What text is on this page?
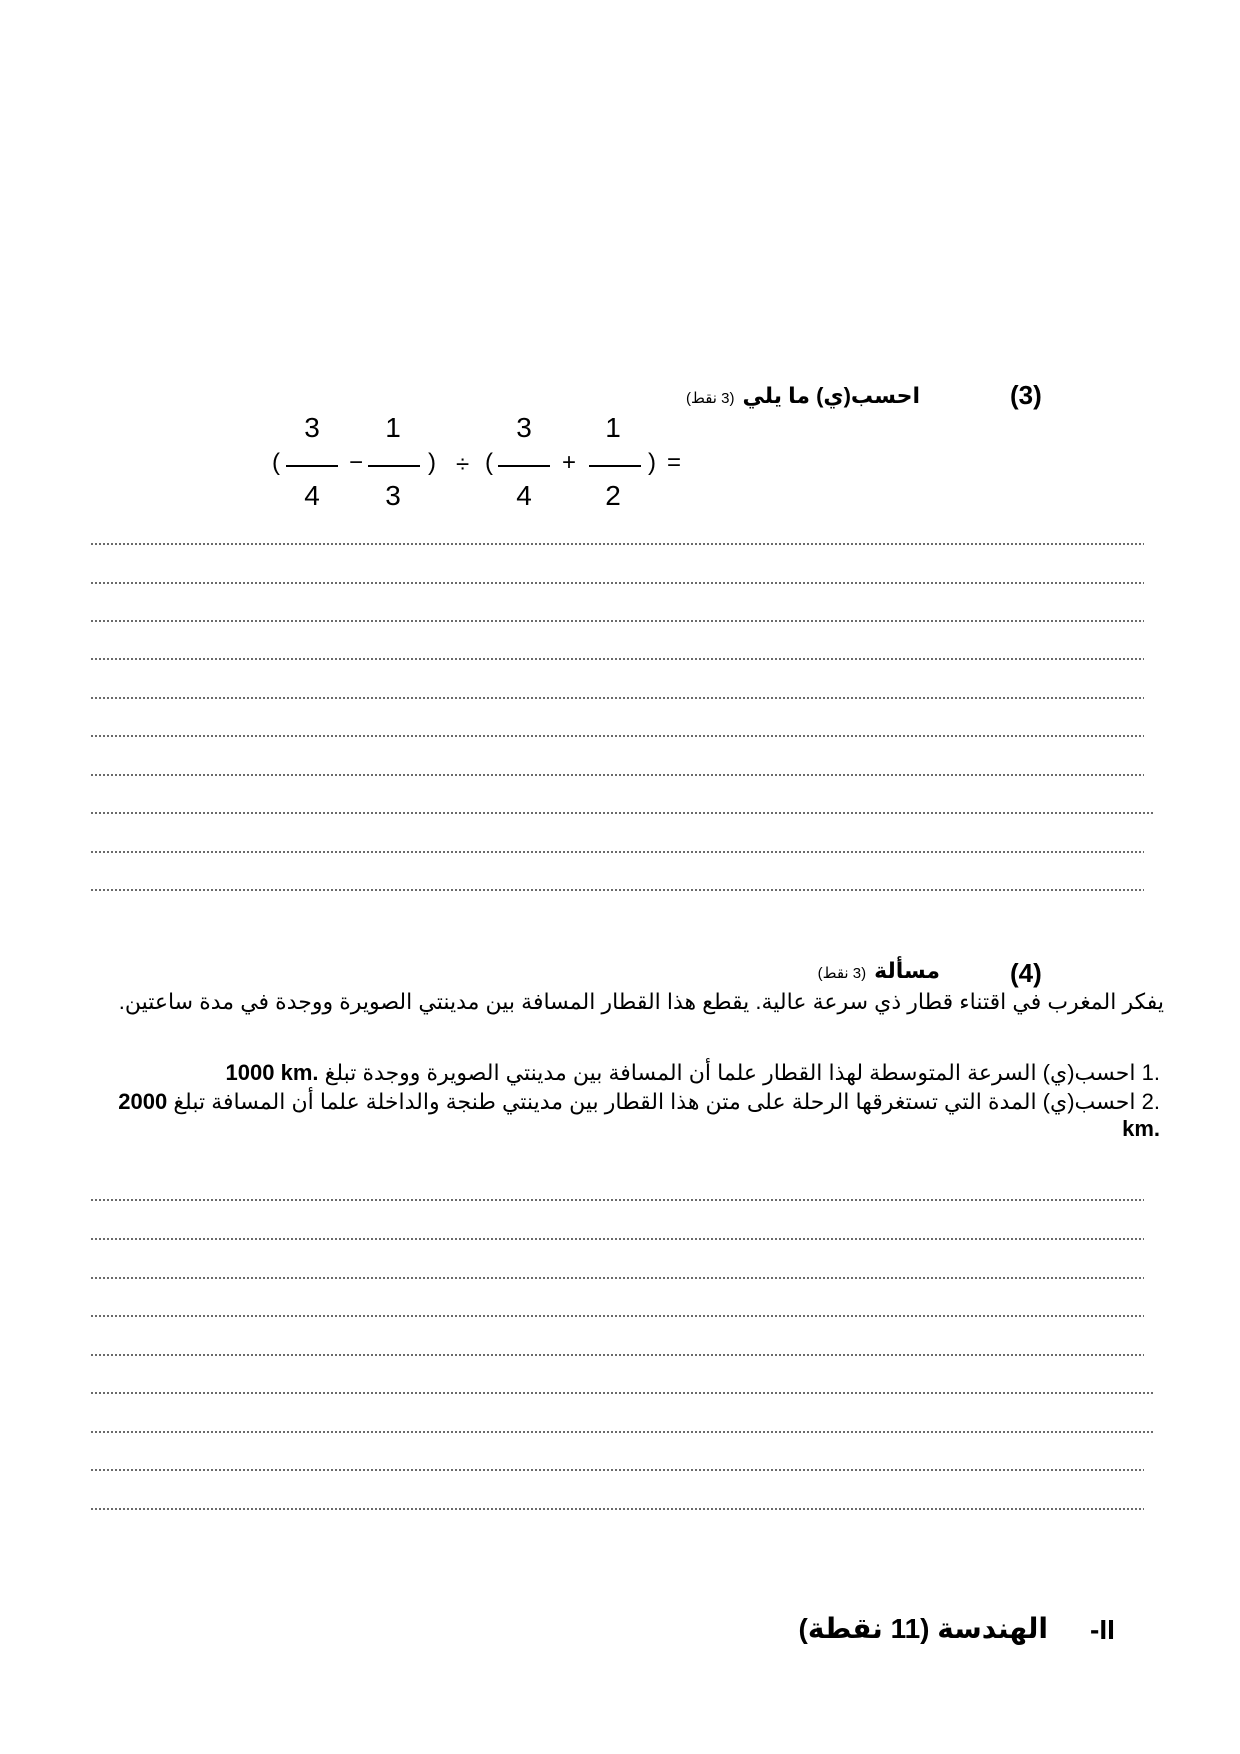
(3)
احسب(ي) ما يلي(3 نقط)
(
3
4
−
1
3
) ÷ (
3
4
+
1
2
) =
(4)
مسألة(3 نقط)
يفكر المغرب في اقتناء قطار ذي سرعة عالية. يقطع هذا القطار المسافة بين مدينتي الصويرة ووجدة في مدة ساعتين.
.1 احسب(ي) السرعة المتوسطة لهذا القطار علما أن المسافة بين مدينتي الصويرة ووجدة تبلغ 1000 km.
.2 احسب(ي) المدة التي تستغرقها الرحلة على متن هذا القطار بين مدينتي طنجة والداخلة علما أن المسافة تبلغ 2000 km.
-II
الهندسة (11 نقطة)
